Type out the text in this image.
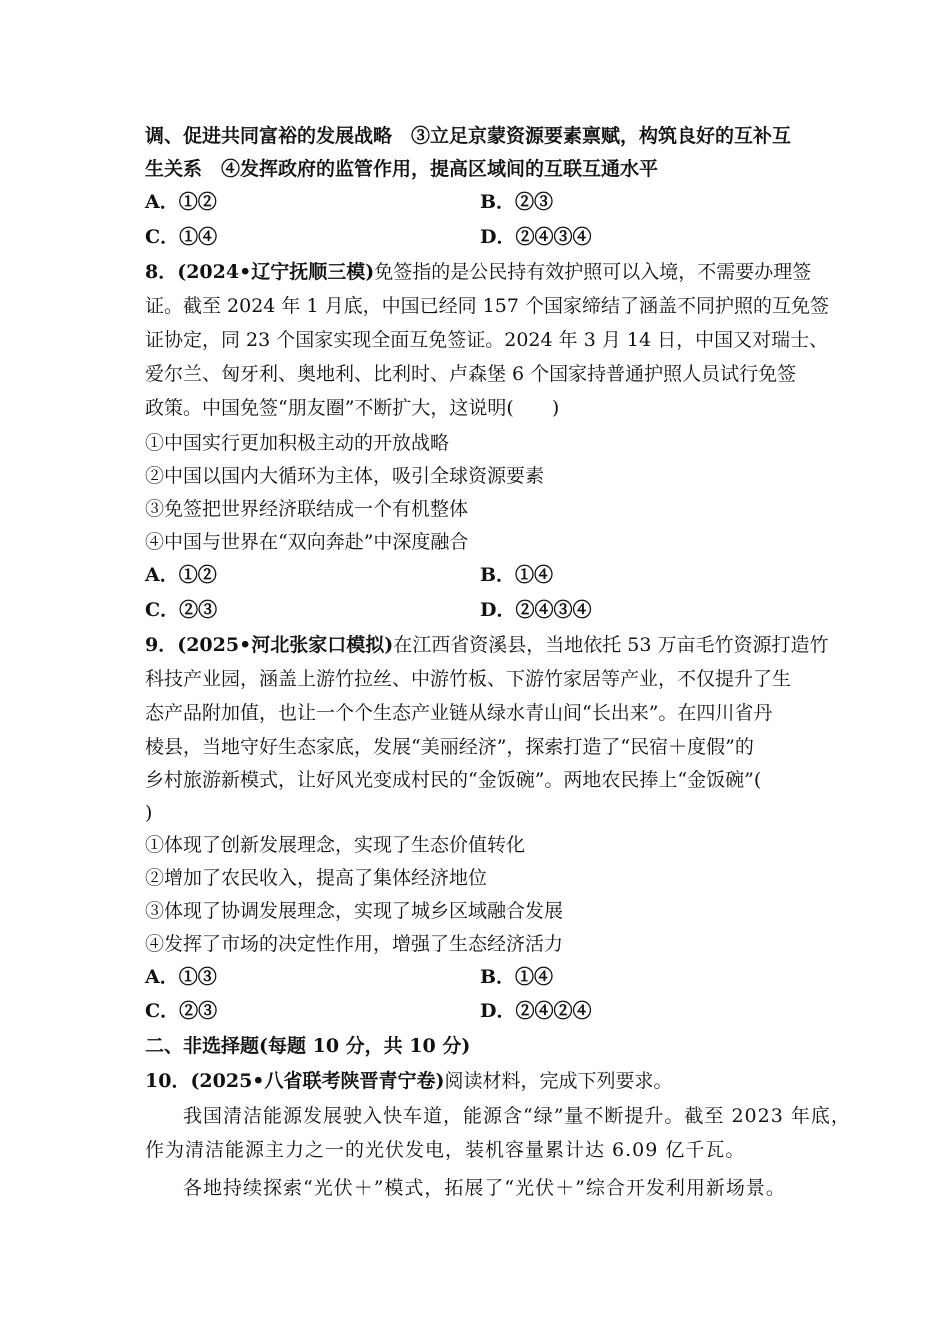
调、促进共同富裕的发展战略　③立足京蒙资源要素禀赋，构筑良好的互补互
生关系　④发挥政府的监管作用，提高区域间的互联互通水平
A．①②	B．②③
C．①④	D．②④③④
8．(2024•辽宁抚顺三模)免签指的是公民持有效护照可以入境，不需要办理签
证。截至 2024 年 1 月底，中国已经同 157 个国家缔结了涵盖不同护照的互免签
证协定，同 23 个国家实现全面互免签证。2024 年 3 月 14 日，中国又对瑞士、
爱尔兰、匈牙利、奥地利、比利时、卢森堡 6 个国家持普通护照人员试行免签
政策。中国免签“朋友圈”不断扩大，这说明(　　)
①中国实行更加积极主动的开放战略
②中国以国内大循环为主体，吸引全球资源要素
③免签把世界经济联结成一个有机整体
④中国与世界在“双向奔赴”中深度融合
A．①②	B．①④
C．②③	D．②④③④
9．(2025•河北张家口模拟)在江西省资溪县，当地依托 53 万亩毛竹资源打造竹
科技产业园，涵盖上游竹拉丝、中游竹板、下游竹家居等产业，不仅提升了生
态产品附加值，也让一个个生态产业链从绿水青山间“长出来”。在四川省丹
棱县，当地守好生态家底，发展“美丽经济”，探索打造了“民宿＋度假”的
乡村旅游新模式，让好风光变成村民的“金饭碗”。两地农民捧上“金饭碗”(
)
①体现了创新发展理念，实现了生态价值转化
②增加了农民收入，提高了集体经济地位
③体现了协调发展理念，实现了城乡区域融合发展
④发挥了市场的决定性作用，增强了生态经济活力
A．①③	B．①④
C．②③	D．②④②④
二、非选择题(每题 10 分，共 10 分)
10．(2025•八省联考陕晋青宁卷)阅读材料，完成下列要求。
我国清洁能源发展驶入快车道，能源含“绿”量不断提升。截至 2023 年底，
作为清洁能源主力之一的光伏发电，装机容量累计达 6.09 亿千瓦。
各地持续探索“光伏＋”模式，拓展了“光伏＋”综合开发利用新场景。
